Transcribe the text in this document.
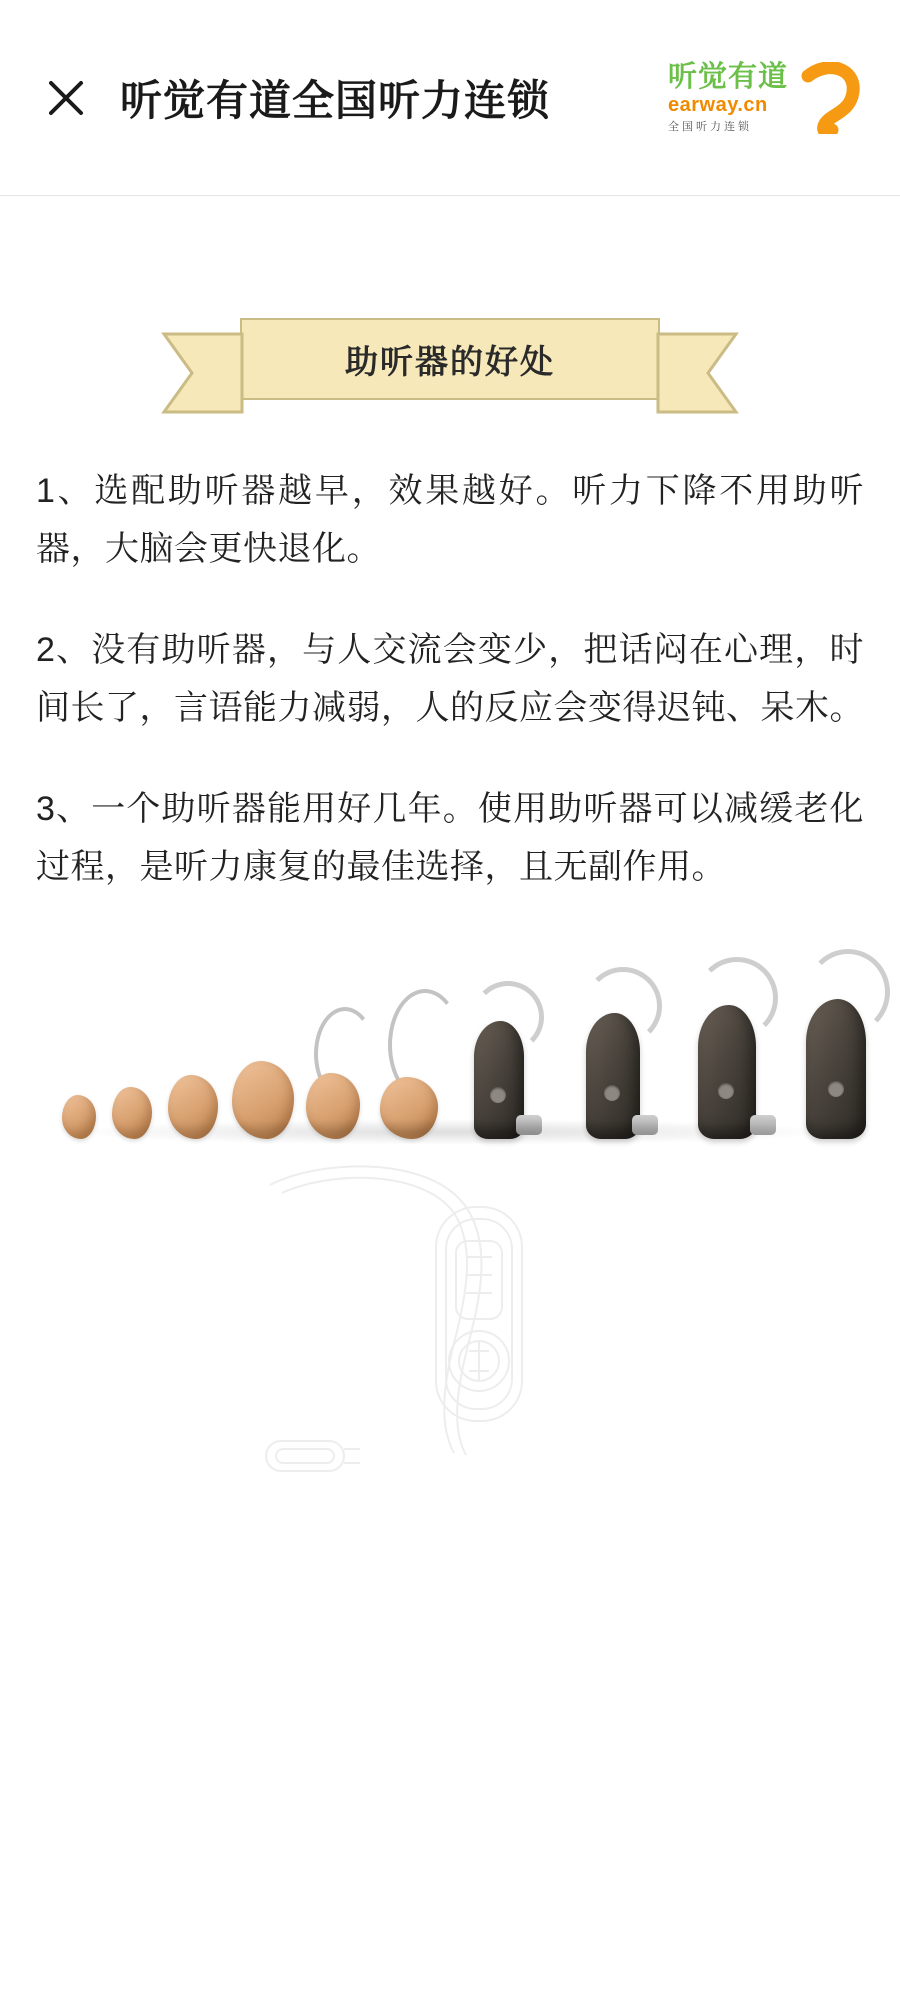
听觉有道全国听力连锁	听觉有道
earway.cn
全国听力连锁
助听器的好处

1、选配助听器越早，效果越好。听力下降不用助听器，大脑会更快退化。

2、没有助听器，与人交流会变少，把话闷在心理，时间长了，言语能力减弱，人的反应会变得迟钝、呆木。

3、一个助听器能用好几年。使用助听器可以减缓老化过程，是听力康复的最佳选择，且无副作用。
